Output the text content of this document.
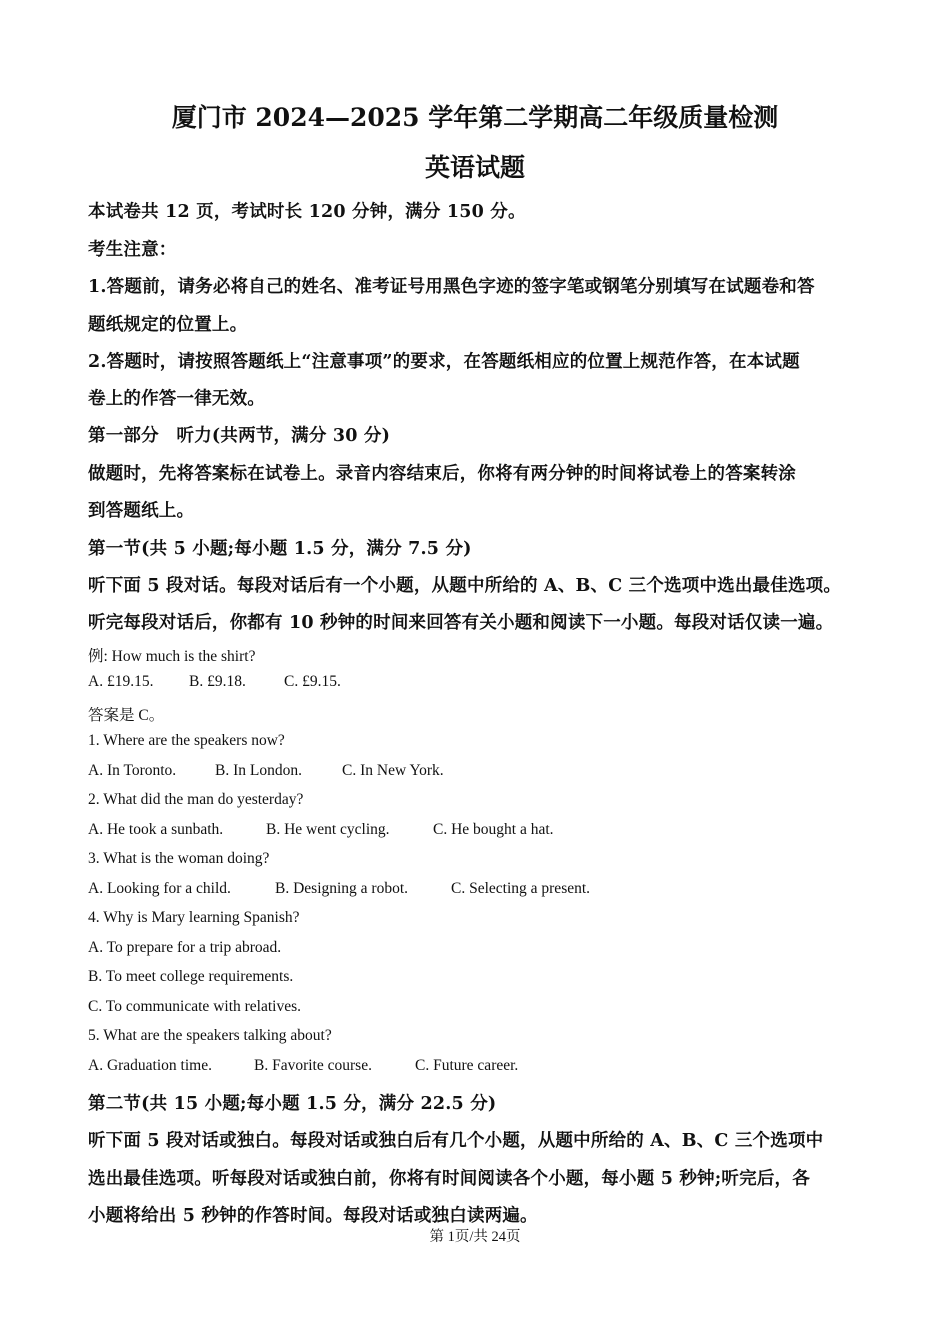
厦门市 2024—2025 学年第二学期高二年级质量检测
英语试题
本试卷共 12 页，考试时长 120 分钟，满分 150 分。
考生注意：
1.答题前，请务必将自己的姓名、准考证号用黑色字迹的签字笔或钢笔分别填写在试题卷和答
题纸规定的位置上。
2.答题时，请按照答题纸上“注意事项”的要求，在答题纸相应的位置上规范作答，在本试题
卷上的作答一律无效。
第一部分　听力(共两节，满分 30 分)
做题时，先将答案标在试卷上。录音内容结束后，你将有两分钟的时间将试卷上的答案转涂
到答题纸上。
第一节(共 5 小题;每小题 1.5 分，满分 7.5 分)
听下面 5 段对话。每段对话后有一个小题，从题中所给的 A、B、C 三个选项中选出最佳选项。
听完每段对话后，你都有 10 秒钟的时间来回答有关小题和阅读下一小题。每段对话仅读一遍。
例: How much is the shirt?
A. £19.15. B. £9.18. C. £9.15.
答案是 C。
1. Where are the speakers now?
A. In Toronto.	B. In London.	C. In New York.
2. What did the man do yesterday?
A. He took a sunbath.	B. He went cycling.	C. He bought a hat.
3. What is the woman doing?
A. Looking for a child.	B. Designing a robot.	C. Selecting a present.
4. Why is Mary learning Spanish?
A. To prepare for a trip abroad.
B. To meet college requirements.
C. To communicate with relatives.
5. What are the speakers talking about?
A. Graduation time.	B. Favorite course.	C. Future career.
第二节(共 15 小题;每小题 1.5 分，满分 22.5 分)
听下面 5 段对话或独白。每段对话或独白后有几个小题，从题中所给的 A、B、C 三个选项中
选出最佳选项。听每段对话或独白前，你将有时间阅读各个小题，每小题 5 秒钟;听完后，各
小题将给出 5 秒钟的作答时间。每段对话或独白读两遍。
第 1页/共 24页
